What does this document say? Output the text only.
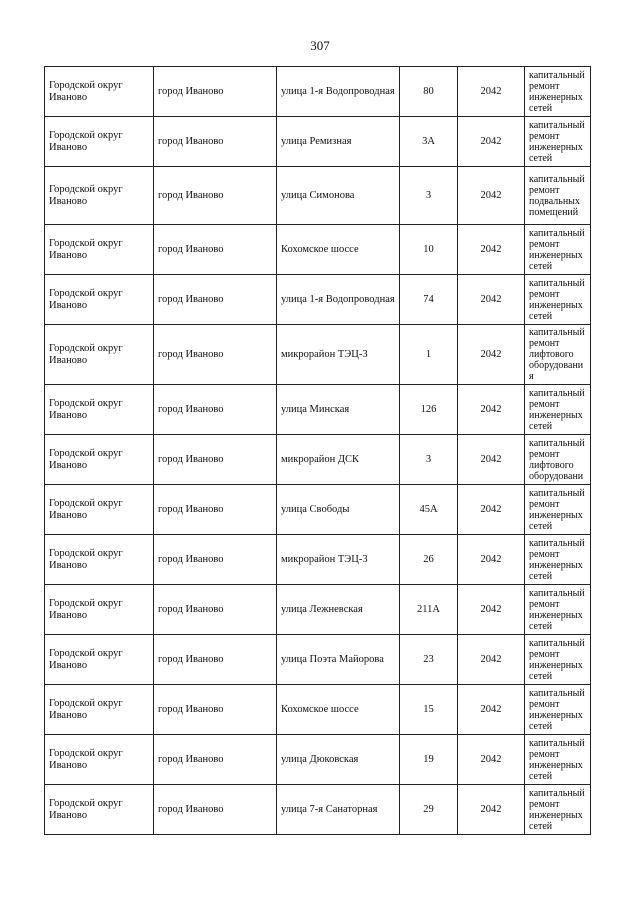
307
Городской округ Иваново	город Иваново	улица 1-я Водопроводная	80	2042	капитальный ремонт инженерных сетей
Городской округ Иваново	город Иваново	улица Ремизная	3А	2042	капитальный ремонт инженерных сетей
Городской округ Иваново	город Иваново	улица Симонова	3	2042	капитальный ремонт подвальных помещений
Городской округ Иваново	город Иваново	Кохомское шоссе	10	2042	капитальный ремонт инженерных сетей
Городской округ Иваново	город Иваново	улица 1-я Водопроводная	74	2042	капитальный ремонт инженерных сетей
Городской округ Иваново	город Иваново	микрорайон ТЭЦ-3	1	2042	капитальный ремонт лифтового оборудования
Городской округ Иваново	город Иваново	улица Минская	126	2042	капитальный ремонт инженерных сетей
Городской округ Иваново	город Иваново	микрорайон ДСК	3	2042	капитальный ремонт лифтового оборудовани
Городской округ Иваново	город Иваново	улица Свободы	45А	2042	капитальный ремонт инженерных сетей
Городской округ Иваново	город Иваново	микрорайон ТЭЦ-3	26	2042	капитальный ремонт инженерных сетей
Городской округ Иваново	город Иваново	улица Лежневская	211А	2042	капитальный ремонт инженерных сетей
Городской округ Иваново	город Иваново	улица Поэта Майорова	23	2042	капитальный ремонт инженерных сетей
Городской округ Иваново	город Иваново	Кохомское шоссе	15	2042	капитальный ремонт инженерных сетей
Городской округ Иваново	город Иваново	улица Дюковская	19	2042	капитальный ремонт инженерных сетей
Городской округ Иваново	город Иваново	улица 7-я Санаторная	29	2042	капитальный ремонт инженерных сетей
